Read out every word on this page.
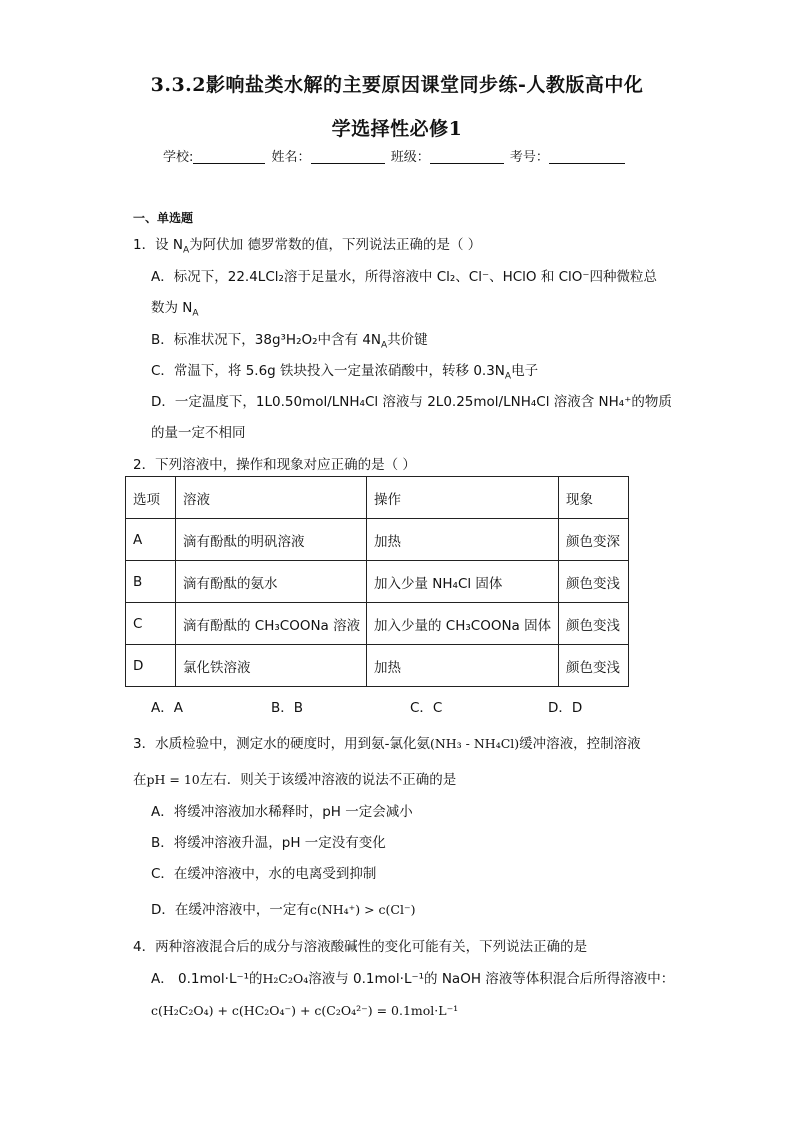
3.3.2影响盐类水解的主要原因课堂同步练-人教版高中化
学选择性必修1
学校:	姓名：	班级：	考号：
一、单选题
1．设 $N_A$为阿伏加 德罗常数的值，下列说法正确的是（ ）
A．标况下，22.4LCl₂溶于足量水，所得溶液中 Cl₂、Cl⁻、HClO 和 ClO⁻四种微粒总
数为 $N_A$
B．标准状况下，38g³H₂O₂中含有 $4N_A$共价键
C．常温下，将 5.6g 铁块投入一定量浓硝酸中，转移 $0.3N_A$电子
D．一定温度下，1L0.50mol/LNH₄Cl 溶液与 2L0.25mol/LNH₄Cl 溶液含 NH₄⁺的物质
的量一定不相同
2．下列溶液中，操作和现象对应正确的是（ ）
选项	溶液	操作	现象
A	滴有酚酞的明矾溶液	加热	颜色变深
B	滴有酚酞的氨水	加入少量 NH₄Cl 固体	颜色变浅
C	滴有酚酞的 CH₃COONa 溶液	加入少量的 CH₃COONa 固体	颜色变浅
D	氯化铁溶液	加热	颜色变浅
A．A	B．B	C．C	D．D
3．水质检验中，测定水的硬度时，用到氨-氯化氨(NH₃ - NH₄Cl)缓冲溶液，控制溶液
在pH = 10左右．则关于该缓冲溶液的说法不正确的是
A．将缓冲溶液加水稀释时，pH 一定会减小
B．将缓冲溶液升温，pH 一定没有变化
C．在缓冲溶液中，水的电离受到抑制
D．在缓冲溶液中，一定有c(NH₄⁺) > c(Cl⁻)
4．两种溶液混合后的成分与溶液酸碱性的变化可能有关，下列说法正确的是
A． 0.1mol·L⁻¹的H₂C₂O₄溶液与 0.1mol·L⁻¹的 NaOH 溶液等体积混合后所得溶液中：
c(H₂C₂O₄) + c(HC₂O₄⁻) + c(C₂O₄²⁻) = 0.1mol·L⁻¹
